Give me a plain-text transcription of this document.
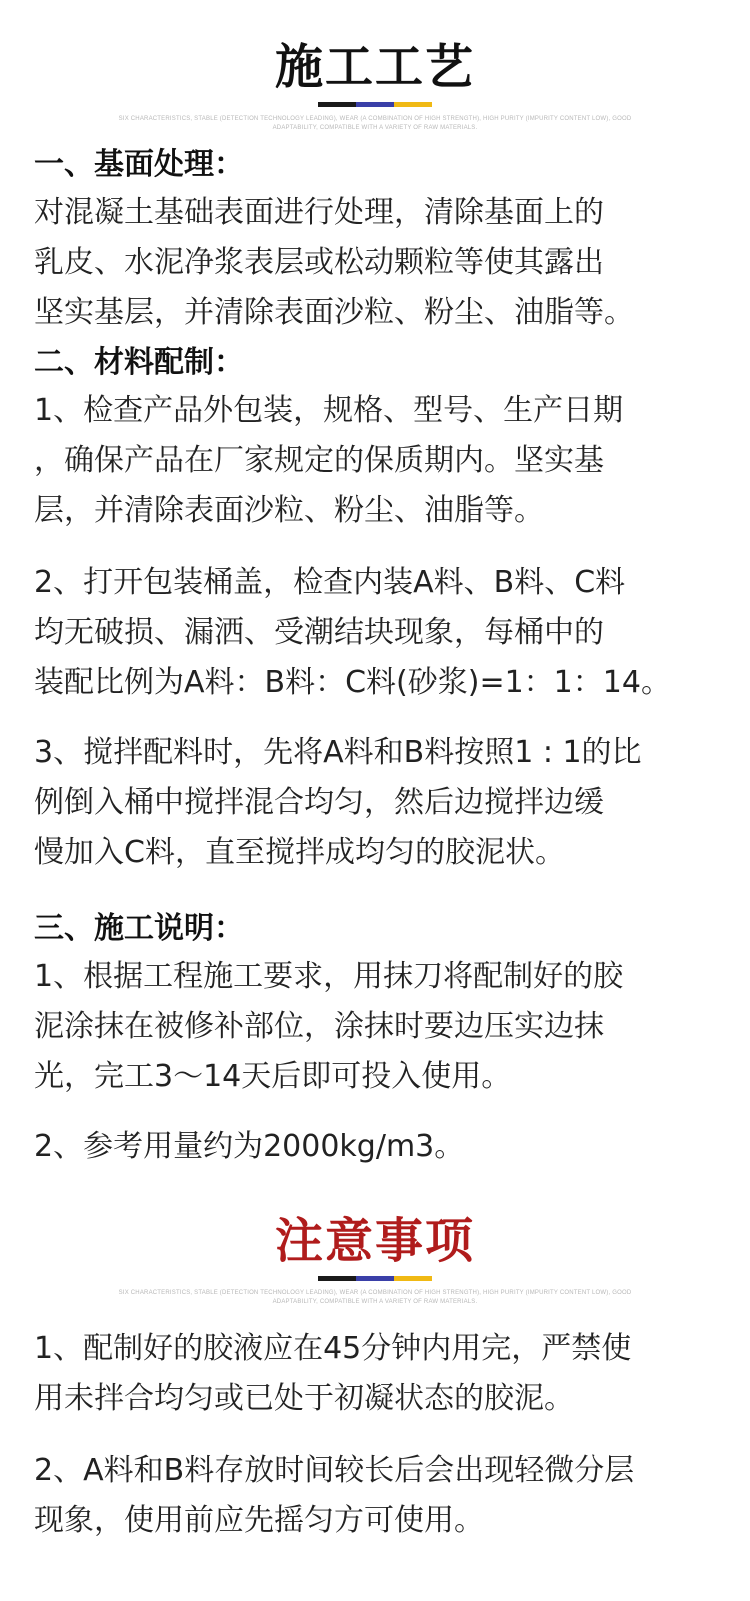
施工工艺
SIX CHARACTERISTICS, STABLE (DETECTION TECHNOLOGY LEADING), WEAR (A COMBINATION OF HIGH STRENGTH), HIGH PURITY (IMPURITY CONTENT LOW), GOOD ADAPTABILITY, COMPATIBLE WITH A VARIETY OF RAW MATERIALS.
一、基面处理：
对混凝土基础表面进行处理，清除基面上的
乳皮、水泥净浆表层或松动颗粒等使其露出
坚实基层，并清除表面沙粒、粉尘、油脂等。
二、材料配制：
1、检查产品外包装，规格、型号、生产日期
，确保产品在厂家规定的保质期内。坚实基
层，并清除表面沙粒、粉尘、油脂等。
2、打开包装桶盖，检查内装A料、B料、C料
均无破损、漏洒、受潮结块现象，每桶中的
装配比例为A料：B料：C料(砂浆)=1：1：14。
3、搅拌配料时，先将A料和B料按照1 : 1的比
例倒入桶中搅拌混合均匀，然后边搅拌边缓
慢加入C料，直至搅拌成均匀的胶泥状。
三、施工说明：
1、根据工程施工要求，用抹刀将配制好的胶
泥涂抹在被修补部位，涂抹时要边压实边抹
光，完工3～14天后即可投入使用。
2、参考用量约为2000kg/m3。
注意事项
SIX CHARACTERISTICS, STABLE (DETECTION TECHNOLOGY LEADING), WEAR (A COMBINATION OF HIGH STRENGTH), HIGH PURITY (IMPURITY CONTENT LOW), GOOD ADAPTABILITY, COMPATIBLE WITH A VARIETY OF RAW MATERIALS.
1、配制好的胶液应在45分钟内用完，严禁使
用未拌合均匀或已处于初凝状态的胶泥。
2、A料和B料存放时间较长后会出现轻微分层
现象，使用前应先摇匀方可使用。
